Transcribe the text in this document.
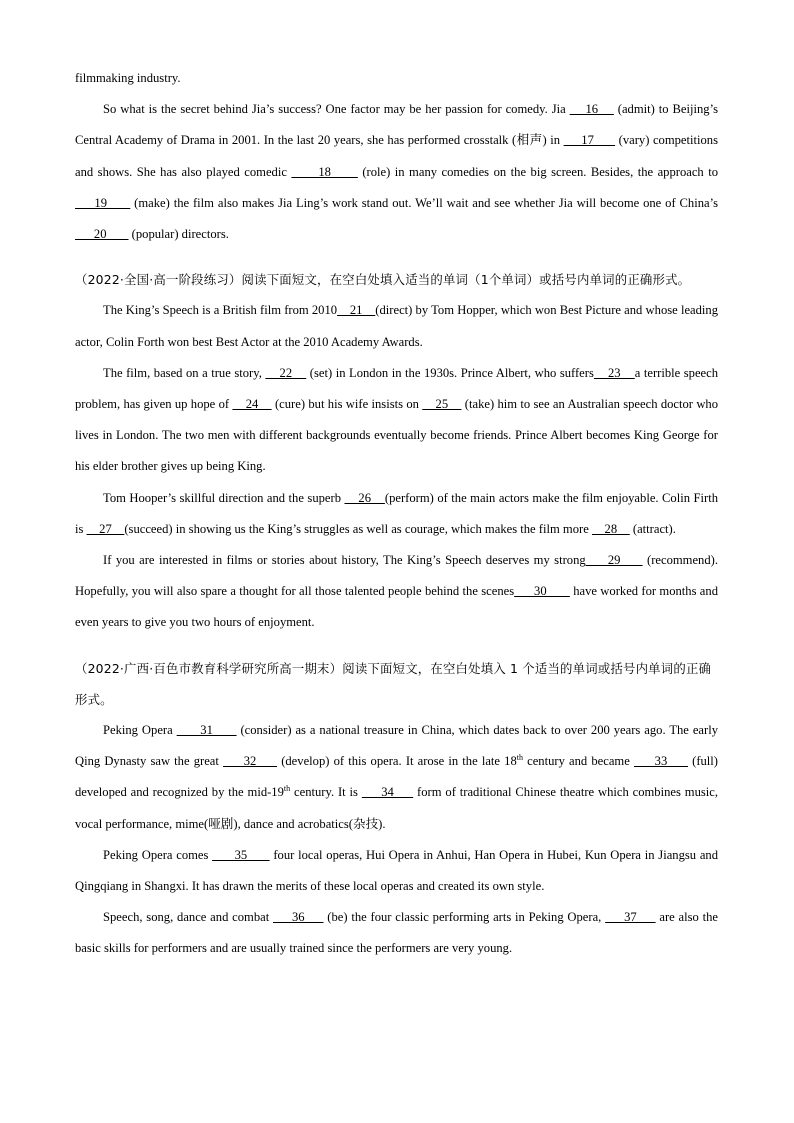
filmmaking industry.

So what is the secret behind Jia’s success? One factor may be her passion for comedy. Jia     16     (admit) to Beijing’s Central Academy of Drama in 2001. In the last 20 years, she has performed crosstalk (相声) in      17       (vary) competitions and shows. She has also played comedic       18       (role) in many comedies on the big screen. Besides, the approach to      19       (make) the film also makes Jia Ling’s work stand out. We’ll wait and see whether Jia will become one of China’s       20        (popular) directors.

（2022·全国·高一阶段练习）阅读下面短文，在空白处填入适当的单词（1个单词）或括号内单词的正确形式。

The King’s Speech is a British film from 2010    21    (direct) by Tom Hopper, which won Best Picture and whose leading actor, Colin Forth won best Best Actor at the 2010 Academy Awards.

The film, based on a true story,     22     (set) in London in the 1930s. Prince Albert, who suffers    23    a terrible speech problem, has given up hope of     24     (cure) but his wife insists on     25     (take) him to see an Australian speech doctor who lives in London. The two men with different backgrounds eventually become friends. Prince Albert becomes King George for his elder brother gives up being King.

Tom Hooper’s skillful direction and the superb     26    (perform) of the main actors make the film enjoyable. Colin Firth is     27    (succeed) in showing us the King’s struggles as well as courage, which makes the film more     28     (attract).

If you are interested in films or stories about history, The King’s Speech deserves my strong     29      (recommend). Hopefully, you will also spare a thought for all those talented people behind the scenes      30        have worked for months and even years to give you two hours of enjoyment.

（2022·广西·百色市教育科学研究所高一期末）阅读下面短文，在空白处填入 1 个适当的单词或括号内单词的正确形式。

Peking Opera       31       (consider) as a national treasure in China, which dates back to over 200 years ago. The early Qing Dynasty saw the great      32      (develop) of this opera. It arose in the late 18th century and became      33      (full) developed and recognized by the mid-19th century. It is      34      form of traditional Chinese theatre which combines music, vocal performance, mime(哑剧), dance and acrobatics(杂技).

Peking Opera comes       35       four local operas, Hui Opera in Anhui, Han Opera in Hubei, Kun Opera in Jiangsu and Qingqiang in Shangxi. It has drawn the merits of these local operas and created its own style.

Speech, song, dance and combat      36      (be) the four classic performing arts in Peking Opera,      37      are also the basic skills for performers and are usually trained since the performers are very young.
